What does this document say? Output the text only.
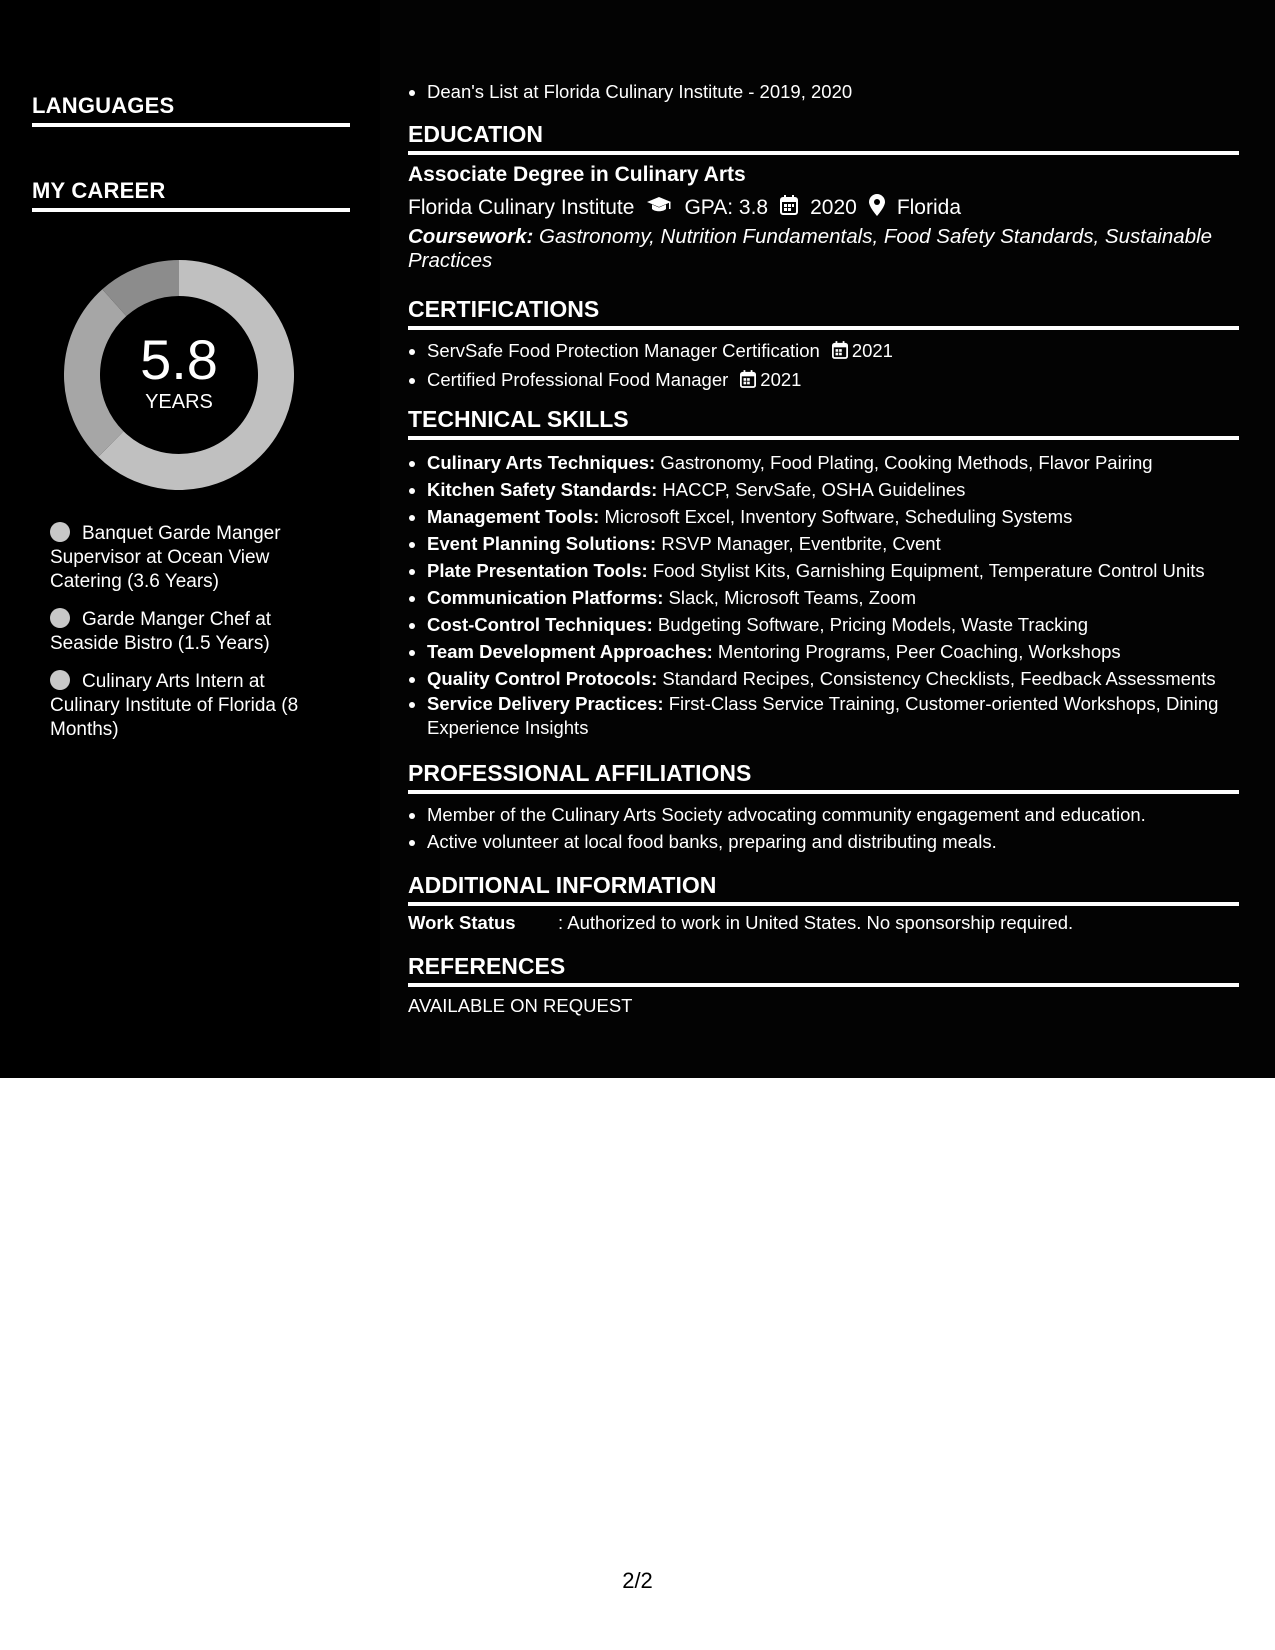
LANGUAGES
MY CAREER
5.8
YEARS
Banquet Garde Manger Supervisor at Ocean View Catering (3.6 Years)
Garde Manger Chef at Seaside Bistro (1.5 Years)
Culinary Arts Intern at Culinary Institute of Florida (8 Months)
• Dean's List at Florida Culinary Institute - 2019, 2020
EDUCATION
Associate Degree in Culinary Arts
Florida Culinary Institute GPA: 3.8 2020 Florida
Coursework: Gastronomy, Nutrition Fundamentals, Food Safety Standards, Sustainable Practices
CERTIFICATIONS
• ServSafe Food Protection Manager Certification 2021
• Certified Professional Food Manager 2021
TECHNICAL SKILLS
• Culinary Arts Techniques: Gastronomy, Food Plating, Cooking Methods, Flavor Pairing
• Kitchen Safety Standards: HACCP, ServSafe, OSHA Guidelines
• Management Tools: Microsoft Excel, Inventory Software, Scheduling Systems
• Event Planning Solutions: RSVP Manager, Eventbrite, Cvent
• Plate Presentation Tools: Food Stylist Kits, Garnishing Equipment, Temperature Control Units
• Communication Platforms: Slack, Microsoft Teams, Zoom
• Cost-Control Techniques: Budgeting Software, Pricing Models, Waste Tracking
• Team Development Approaches: Mentoring Programs, Peer Coaching, Workshops
• Quality Control Protocols: Standard Recipes, Consistency Checklists, Feedback Assessments
• Service Delivery Practices: First-Class Service Training, Customer-oriented Workshops, Dining Experience Insights
PROFESSIONAL AFFILIATIONS
• Member of the Culinary Arts Society advocating community engagement and education.
• Active volunteer at local food banks, preparing and distributing meals.
ADDITIONAL INFORMATION
Work Status : Authorized to work in United States. No sponsorship required.
REFERENCES
AVAILABLE ON REQUEST
2/2
